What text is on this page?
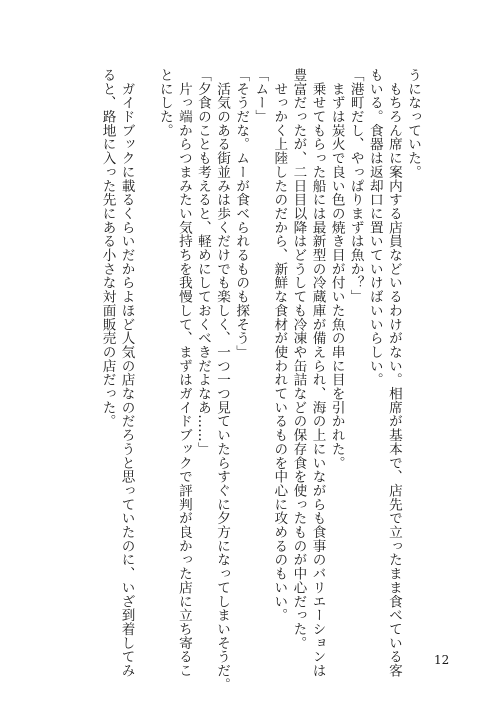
うになっていた。
　もちろん席に案内する店員などいるわけがない。相席が基本で、店先で立ったまま食べている客
もいる。食器は返却口に置いていけばいいらしい。
「港町だし、やっぱりまずは魚か？」
　まずは炭火で良い色の焼き目が付いた魚の串に目を引かれた。
　乗せてもらった船には最新型の冷蔵庫が備えられ、海の上にいながらも食事のバリエーションは
豊富だったが、二日目以降はどうしても冷凍や缶詰などの保存食を使ったものが中心だった。
　せっかく上陸したのだから、新鮮な食材が使われているものを中心に攻めるのもいい。
「ムー」
「そうだな。ムーが食べられるものも探そう」
　活気のある街並みは歩くだけでも楽しく、一つ一つ見ていたらすぐに夕方になってしまいそうだ。
「夕食のことも考えると、軽めにしておくべきだよなあ……」
　片っ端からつまみたい気持ちを我慢して、まずはガイドブックで評判が良かった店に立ち寄るこ
とにした。

　ガイドブックに載るくらいだからよほど人気の店なのだろうと思っていたのに、いざ到着してみ
ると、路地に入った先にある小さな対面販売の店だった。
12
